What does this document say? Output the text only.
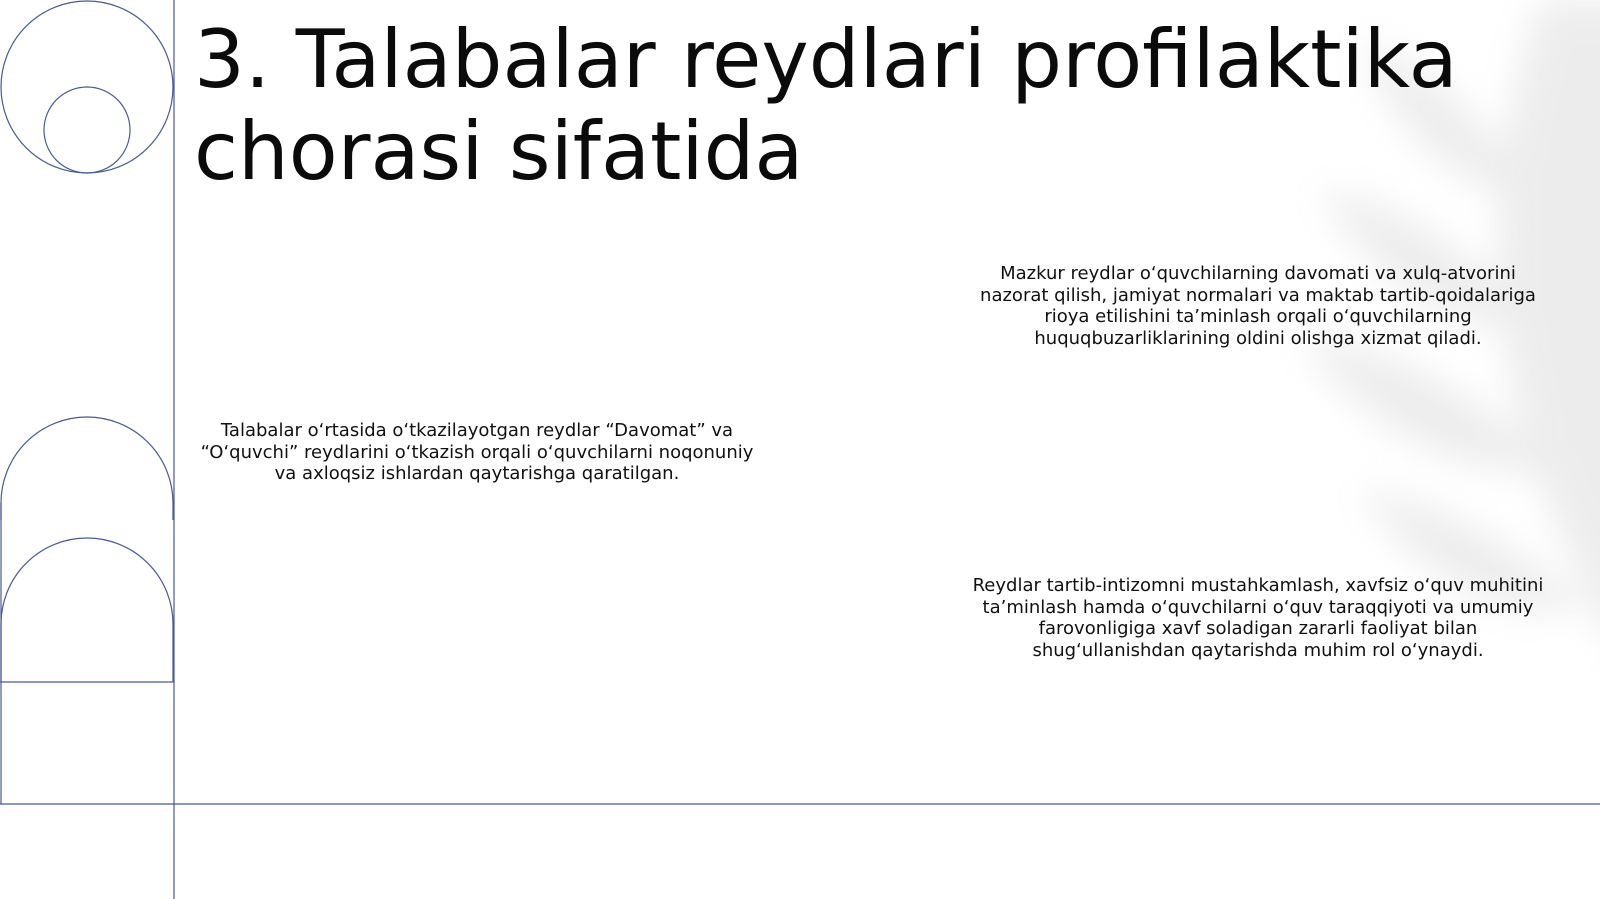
3. Talabalar reydlari profilaktika chorasi sifatida

Talabalar o‘rtasida o‘tkazilayotgan reydlar “Davomat” va “O‘quvchi” reydlarini o‘tkazish orqali o‘quvchilarni noqonuniy va axloqsiz ishlardan qaytarishga qaratilgan.

Mazkur reydlar o‘quvchilarning davomati va xulq-atvorini nazorat qilish, jamiyat normalari va maktab tartib-qoidalariga rioya etilishini ta’minlash orqali o‘quvchilarning huquqbuzarliklarining oldini olishga xizmat qiladi.

Reydlar tartib-intizomni mustahkamlash, xavfsiz o‘quv muhitini ta’minlash hamda o‘quvchilarni o‘quv taraqqiyoti va umumiy farovonligiga xavf soladigan zararli faoliyat bilan shug‘ullanishdan qaytarishda muhim rol o‘ynaydi.
